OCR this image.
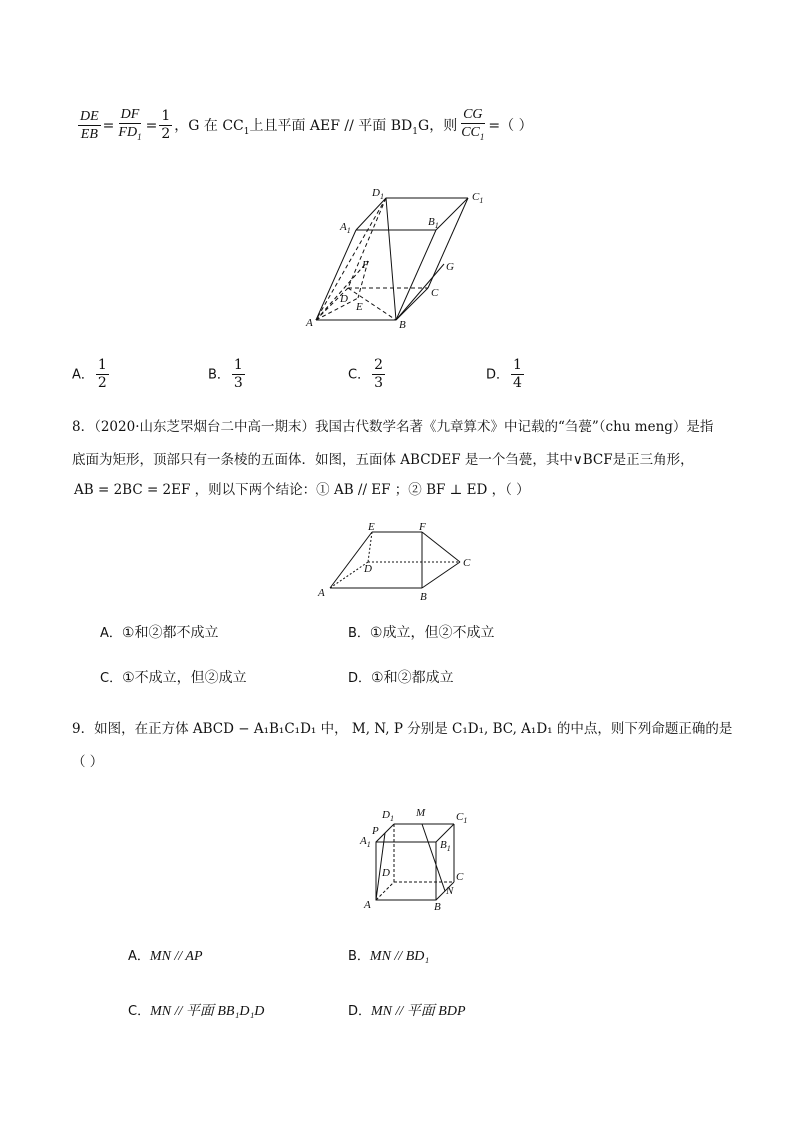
$\frac{DE}{EB} = \frac{DF}{FD_1} = \frac{1}{2}$ ，G 在 $CC_1$上且平面 AEF // 平面 $BD_1G$，则 $\frac{CG}{CC_1}$ =（ ）
$D_1$	$C_1$
$A_1$
$B_1$
F
D
E
G
C
A	B
A． $\frac{1}{2}$	B． $\frac{1}{3}$	C． $\frac{2}{3}$	D． $\frac{1}{4}$
8．（2020·山东芝罘烟台二中高一期末）我国古代数学名著《九章算术》中记载的“刍甍”（chu meng）是指
底面为矩形，顶部只有一条棱的五面体．如图，五面体 ABCDEF 是一个刍甍，其中∨BCF是正三角形，
AB = 2BC = 2EF ，则以下两个结论：① AB // EF ；② BF ⊥ ED ，（ ）
E	F
D	C
A	B
A．①和②都不成立	B．①成立，但②不成立
C．①不成立，但②成立	D．①和②都成立
9．如图，在正方体 ABCD − A₁B₁C₁D₁ 中， M, N, P 分别是 C₁D₁, BC, A₁D₁ 的中点，则下列命题正确的是
（ ）
$D_1$ M	$C_1$
P
$A_1$	$B_1$
D	C
N
A	B
A．MN // AP	B．MN // BD₁
C．MN // 平面 BB₁D₁D	D．MN // 平面 BDP
